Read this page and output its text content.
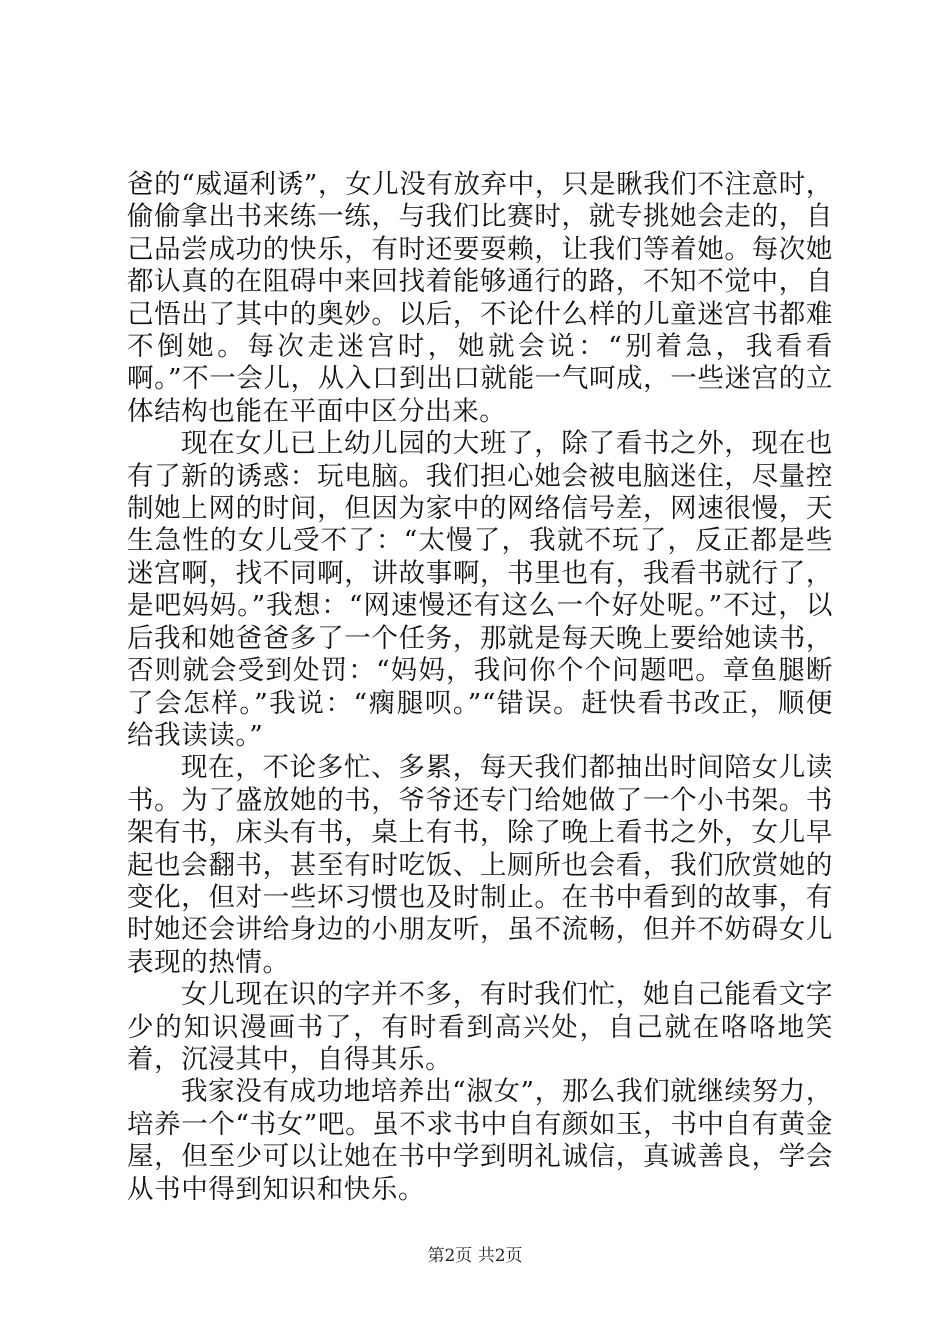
爸的“威逼利诱”，女儿没有放弃中，只是瞅我们不注意时，偷偷拿出书来练一练，与我们比赛时，就专挑她会走的，自己品尝成功的快乐，有时还要耍赖，让我们等着她。每次她都认真的在阻碍中来回找着能够通行的路，不知不觉中，自己悟出了其中的奥妙。以后，不论什么样的儿童迷宫书都难不倒她。每次走迷宫时，她就会说：“别着急，我看看啊。”不一会儿，从入口到出口就能一气呵成，一些迷宫的立体结构也能在平面中区分出来。

现在女儿已上幼儿园的大班了，除了看书之外，现在也有了新的诱惑：玩电脑。我们担心她会被电脑迷住，尽量控制她上网的时间，但因为家中的网络信号差，网速很慢，天生急性的女儿受不了：“太慢了，我就不玩了，反正都是些迷宫啊，找不同啊，讲故事啊，书里也有，我看书就行了，是吧妈妈。”我想：“网速慢还有这么一个好处呢。”不过，以后我和她爸爸多了一个任务，那就是每天晚上要给她读书，否则就会受到处罚：“妈妈，我问你个个问题吧。章鱼腿断了会怎样。”我说：“瘸腿呗。”“错误。赶快看书改正，顺便给我读读。”

现在，不论多忙、多累，每天我们都抽出时间陪女儿读书。为了盛放她的书，爷爷还专门给她做了一个小书架。书架有书，床头有书，桌上有书，除了晚上看书之外，女儿早起也会翻书，甚至有时吃饭、上厕所也会看，我们欣赏她的变化，但对一些坏习惯也及时制止。在书中看到的故事，有时她还会讲给身边的小朋友听，虽不流畅，但并不妨碍女儿表现的热情。

女儿现在识的字并不多，有时我们忙，她自己能看文字少的知识漫画书了，有时看到高兴处，自己就在咯咯地笑着，沉浸其中，自得其乐。

我家没有成功地培养出“淑女”，那么我们就继续努力，培养一个“书女”吧。虽不求书中自有颜如玉，书中自有黄金屋，但至少可以让她在书中学到明礼诚信，真诚善良，学会从书中得到知识和快乐。

第2页 共2页
